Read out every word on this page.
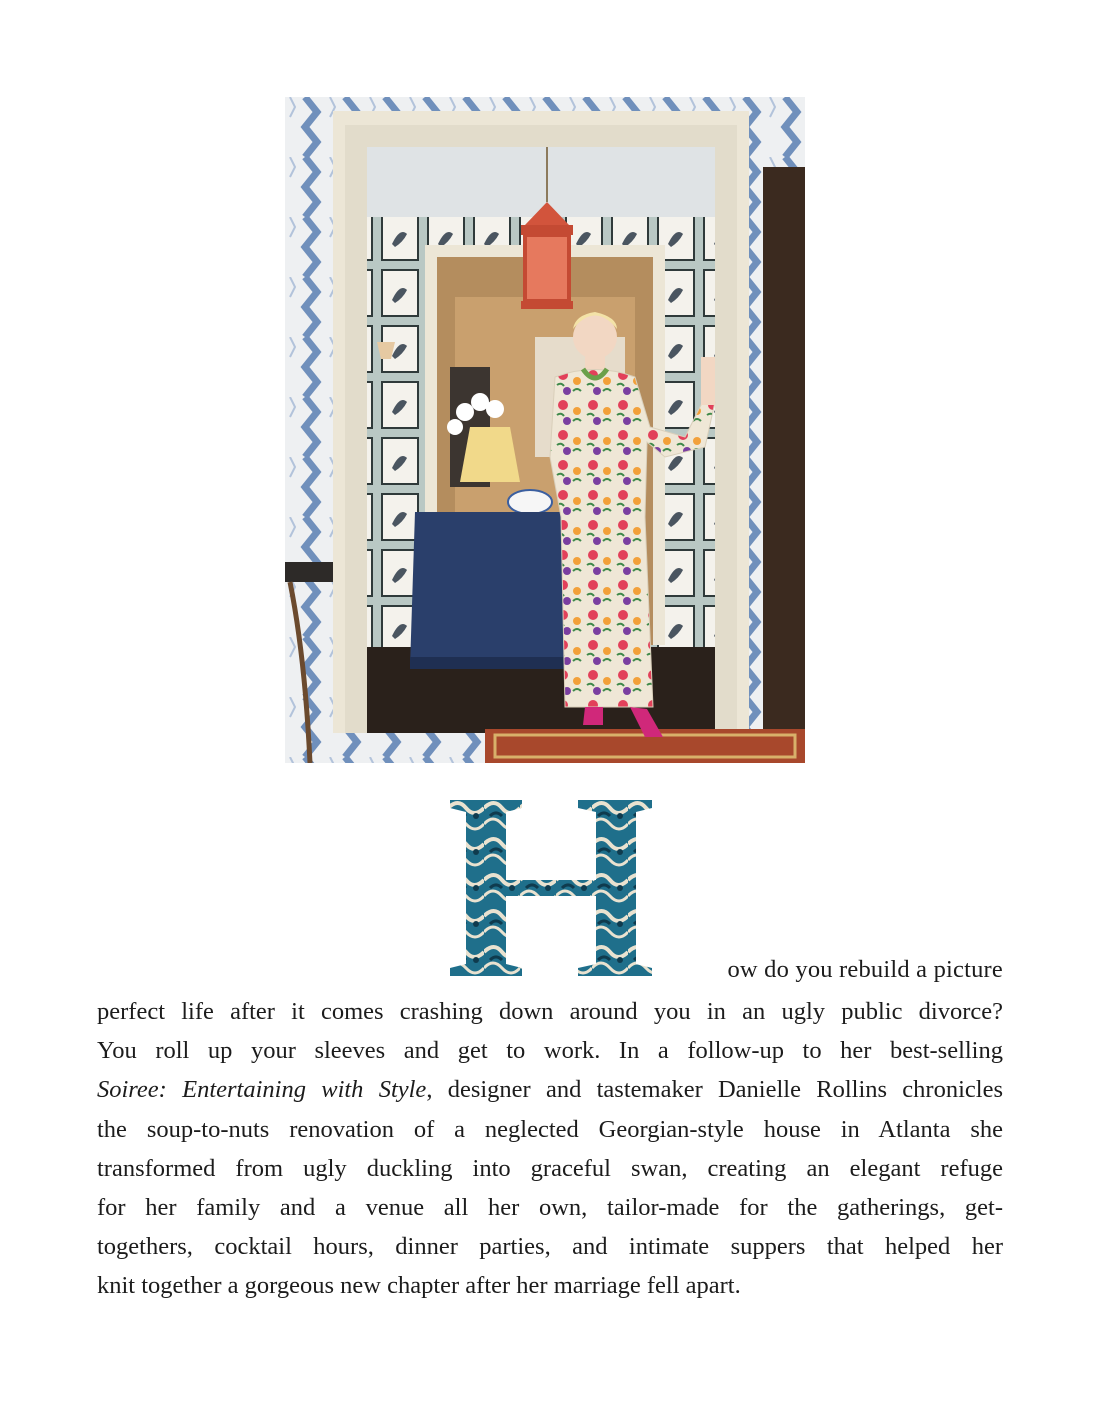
ow do you rebuild a picture
perfect life after it comes crashing down around you in an ugly public divorce?
You roll up your sleeves and get to work. In a follow-up to her best-selling
Soiree: Entertaining with Style, designer and tastemaker Danielle Rollins chronicles
the soup-to-nuts renovation of a neglected Georgian-style house in Atlanta she
transformed from ugly duckling into graceful swan, creating an elegant refuge
for her family and a venue all her own, tailor-made for the gatherings, get-
togethers, cocktail hours, dinner parties, and intimate suppers that helped her
knit together a gorgeous new chapter after her marriage fell apart.
